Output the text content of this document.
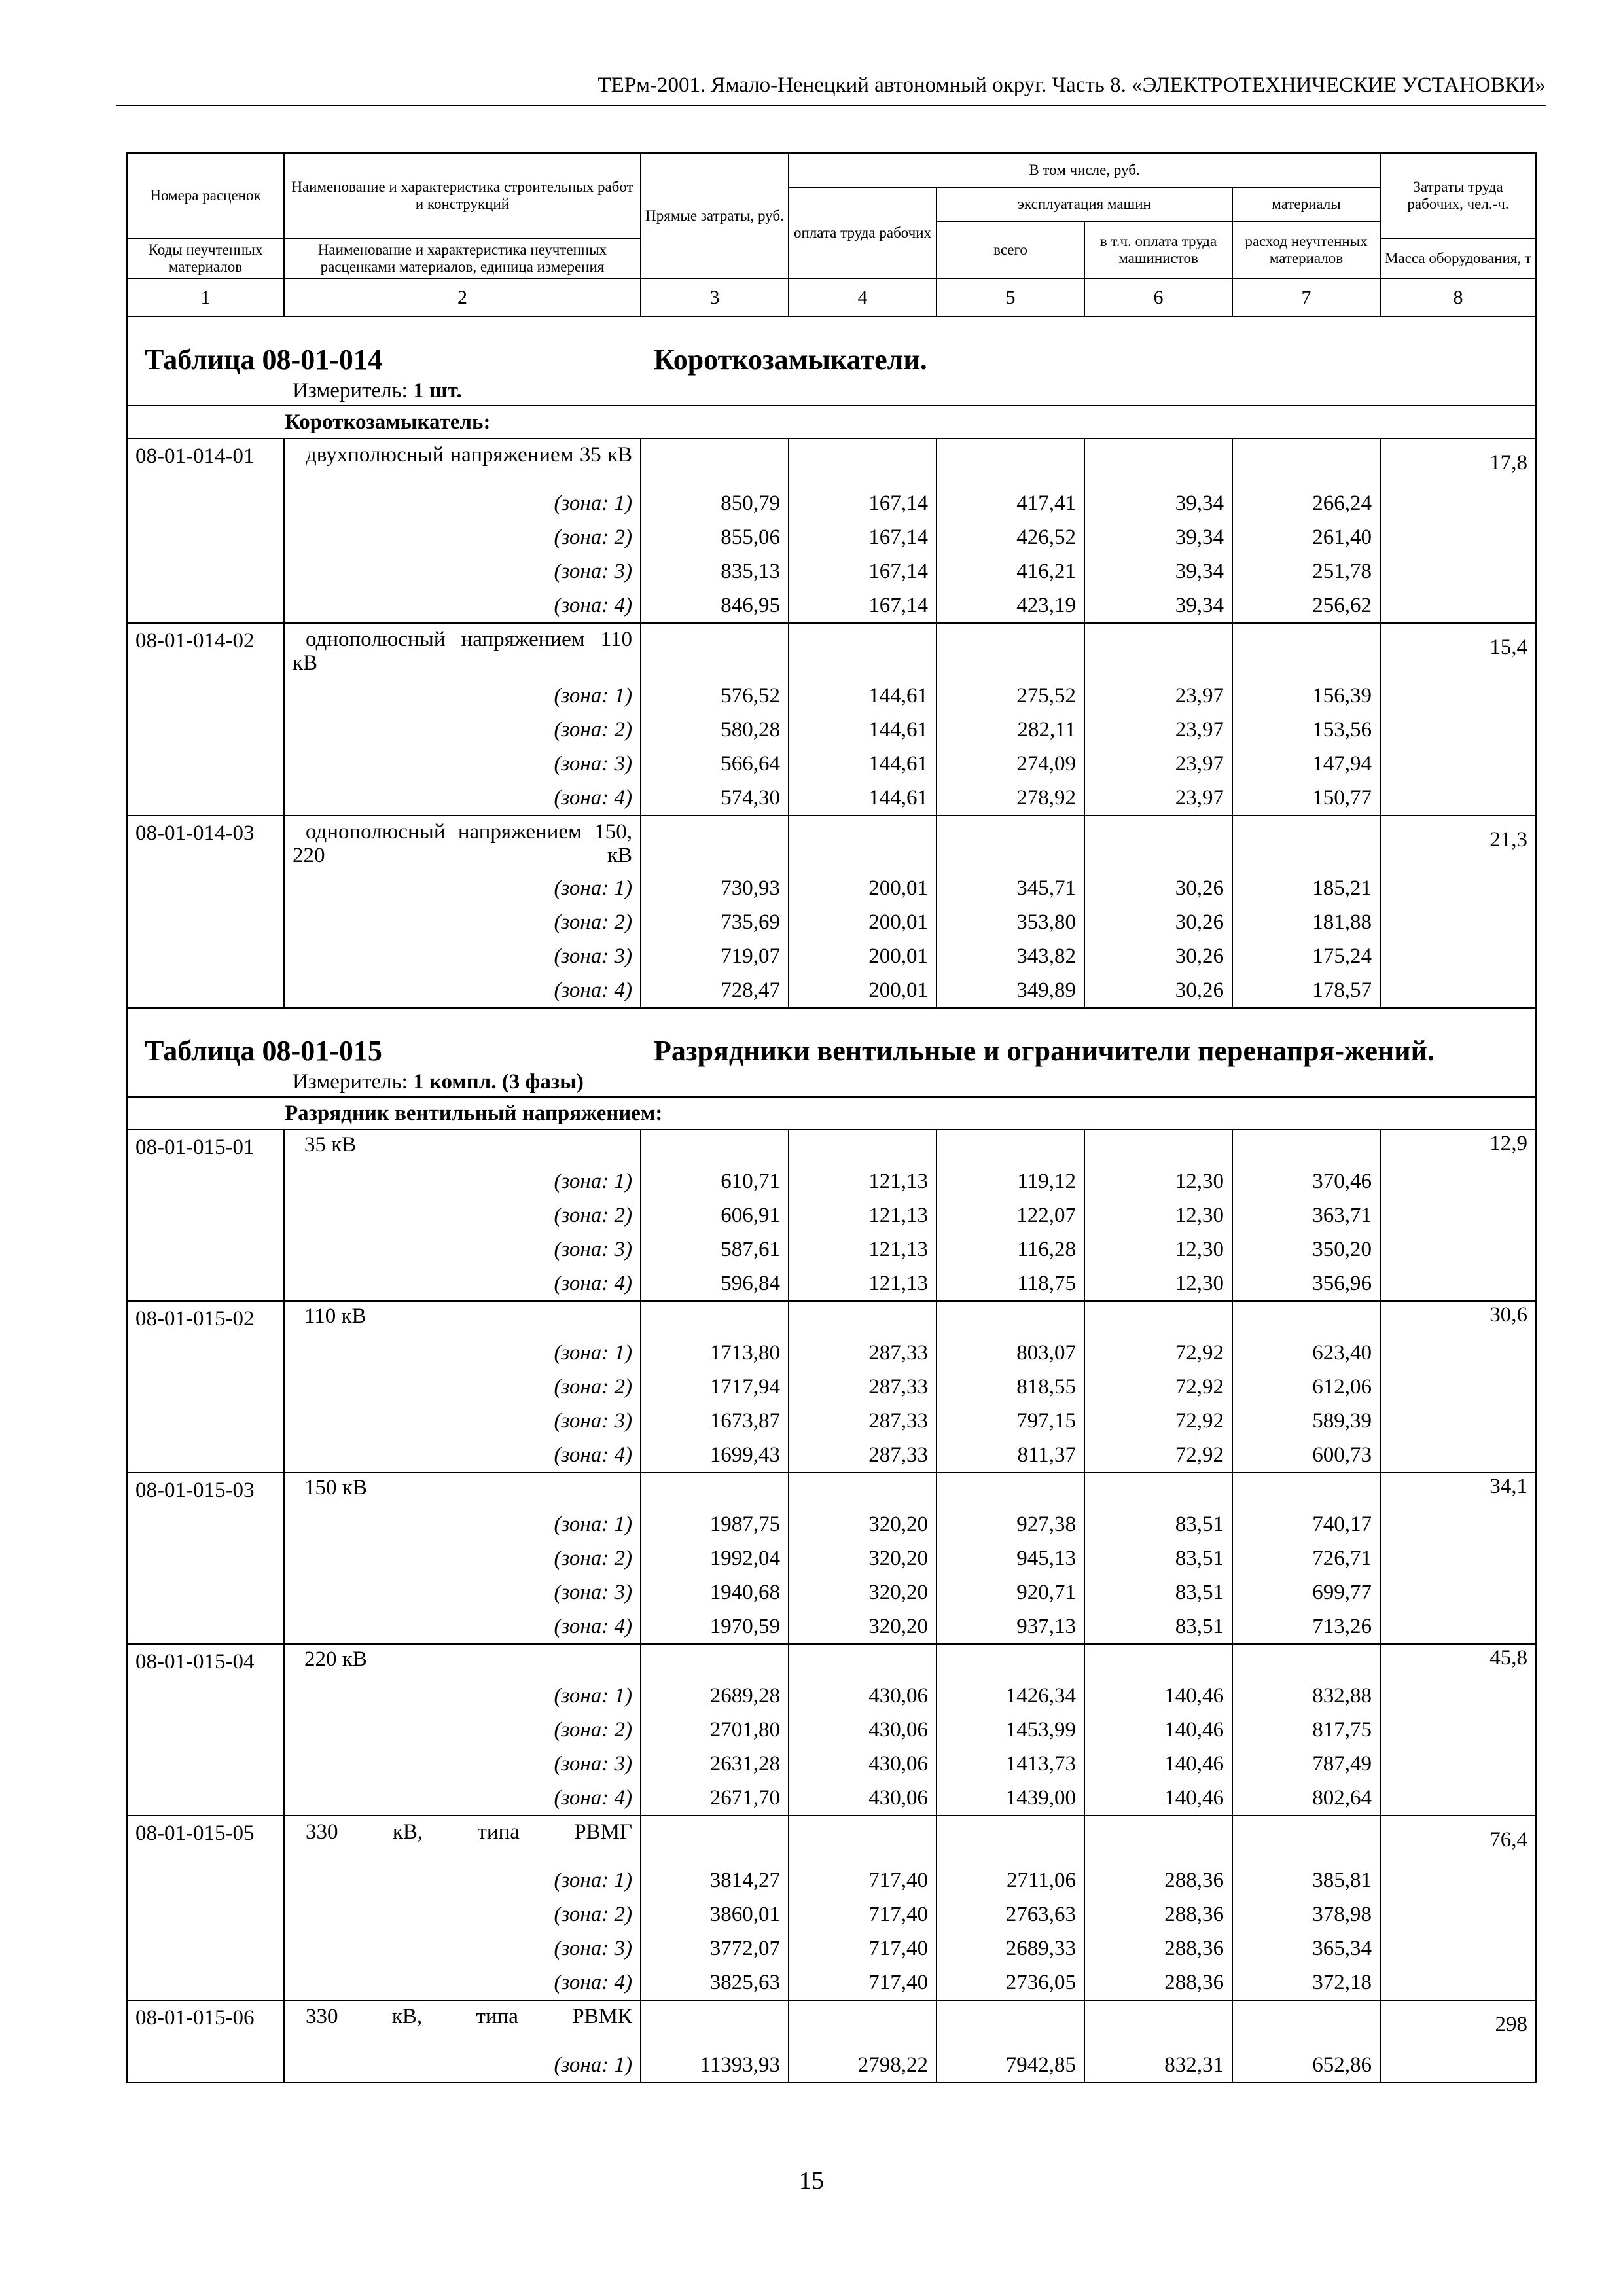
ТЕРм-2001. Ямало-Ненецкий автономный округ. Часть 8. «ЭЛЕКТРОТЕХНИЧЕСКИЕ УСТАНОВКИ»
Номера расценок	Наименование и характеристика строительных работ и конструкций	Прямые затраты, руб.	В том числе, руб.				Затраты труда рабочих, чел.-ч.
			оплата труда рабочих	эксплуатация машин		материалы	
				всего	в т.ч. оплата труда машинистов	расход неучтенных материалов	
Коды неучтенных материалов	Наименование и характеристика неучтенных расценками материалов, единица измерения						Масса оборудования, т

1	2	3	4	5	6	7	8

Таблица 08-01-014 Короткозамыкатели.
Измеритель: 1 шт.							

Короткозамыкатель:							

08-01-014-01	двухполюсный напряжением 35 кВ						17,8
	(зона: 1)	850,79	167,14	417,41	39,34	266,24	
	(зона: 2)	855,06	167,14	426,52	39,34	261,40	
	(зона: 3)	835,13	167,14	416,21	39,34	251,78	
	(зона: 4)	846,95	167,14	423,19	39,34	256,62	
08-01-014-02	однополюсный напряжением 110 кВ						15,4
	(зона: 1)	576,52	144,61	275,52	23,97	156,39	
	(зона: 2)	580,28	144,61	282,11	23,97	153,56	
	(зона: 3)	566,64	144,61	274,09	23,97	147,94	
	(зона: 4)	574,30	144,61	278,92	23,97	150,77	
08-01-014-03	однополюсный напряжением 150, 220 кВ						21,3
	(зона: 1)	730,93	200,01	345,71	30,26	185,21	
	(зона: 2)	735,69	200,01	353,80	30,26	181,88	
	(зона: 3)	719,07	200,01	343,82	30,26	175,24	
	(зона: 4)	728,47	200,01	349,89	30,26	178,57	

Таблица 08-01-015 Разрядники вентильные и ограничители перенапря-жений.
Измеритель: 1 компл. (3 фазы)							

Разрядник вентильный напряжением:							

08-01-015-01	35 кВ						12,9
	(зона: 1)	610,71	121,13	119,12	12,30	370,46	
	(зона: 2)	606,91	121,13	122,07	12,30	363,71	
	(зона: 3)	587,61	121,13	116,28	12,30	350,20	
	(зона: 4)	596,84	121,13	118,75	12,30	356,96	
08-01-015-02	110 кВ						30,6
	(зона: 1)	1713,80	287,33	803,07	72,92	623,40	
	(зона: 2)	1717,94	287,33	818,55	72,92	612,06	
	(зона: 3)	1673,87	287,33	797,15	72,92	589,39	
	(зона: 4)	1699,43	287,33	811,37	72,92	600,73	
08-01-015-03	150 кВ						34,1
	(зона: 1)	1987,75	320,20	927,38	83,51	740,17	
	(зона: 2)	1992,04	320,20	945,13	83,51	726,71	
	(зона: 3)	1940,68	320,20	920,71	83,51	699,77	
	(зона: 4)	1970,59	320,20	937,13	83,51	713,26	
08-01-015-04	220 кВ						45,8
	(зона: 1)	2689,28	430,06	1426,34	140,46	832,88	
	(зона: 2)	2701,80	430,06	1453,99	140,46	817,75	
	(зона: 3)	2631,28	430,06	1413,73	140,46	787,49	
	(зона: 4)	2671,70	430,06	1439,00	140,46	802,64	
08-01-015-05	330 кВ, типа РВМГ						76,4
	(зона: 1)	3814,27	717,40	2711,06	288,36	385,81	
	(зона: 2)	3860,01	717,40	2763,63	288,36	378,98	
	(зона: 3)	3772,07	717,40	2689,33	288,36	365,34	
	(зона: 4)	3825,63	717,40	2736,05	288,36	372,18	
08-01-015-06	330 кВ, типа РВМК						298
	(зона: 1)	11393,93	2798,22	7942,85	832,31	652,86	
15
